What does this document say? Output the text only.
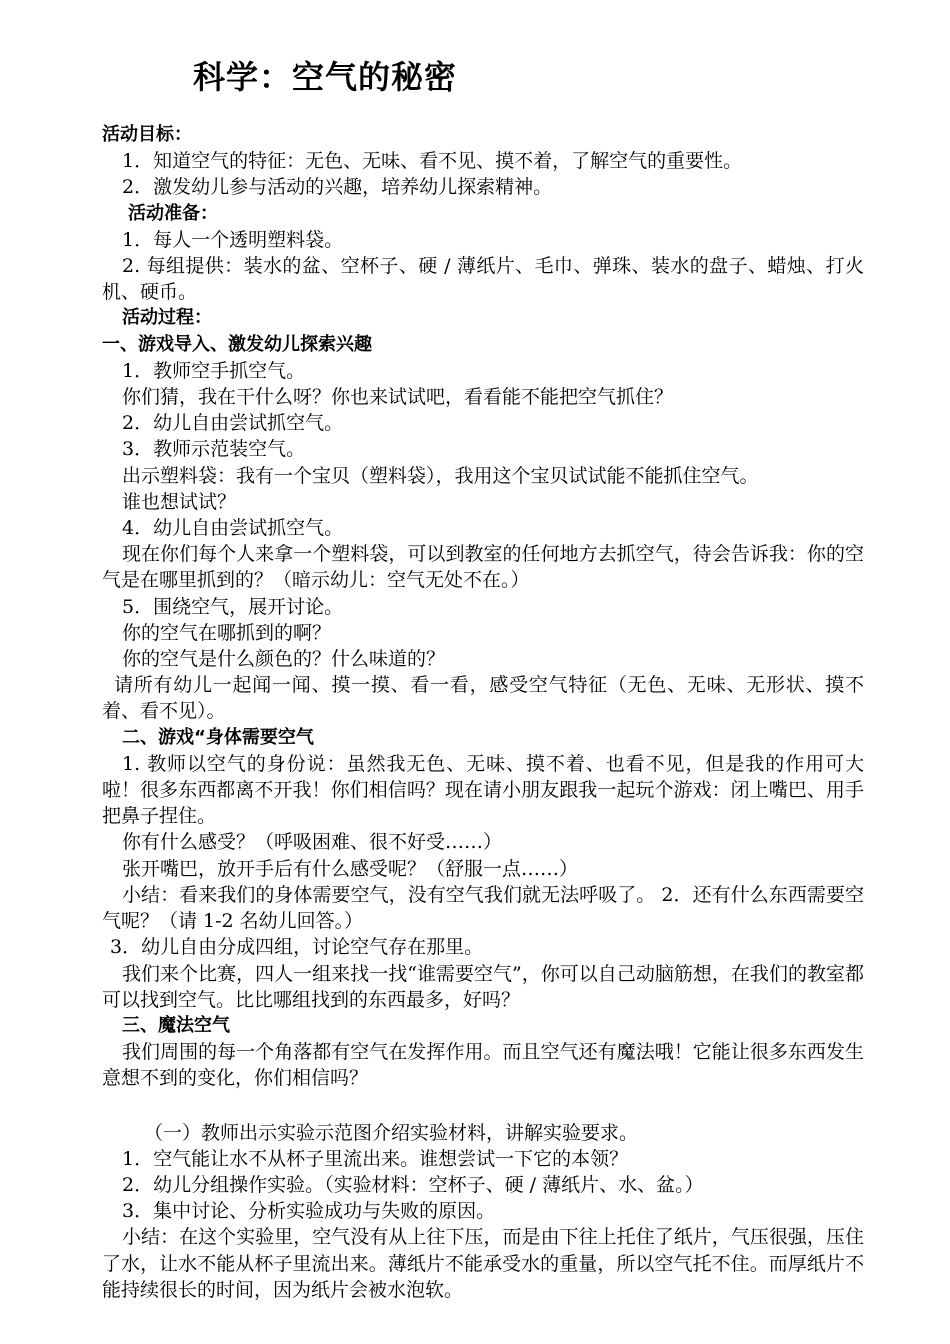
科学：空气的秘密

活动目标：

1．知道空气的特征：无色、无味、看不见、摸不着，了解空气的重要性。

2．激发幼儿参与活动的兴趣，培养幼儿探索精神。

活动准备：

1．每人一个透明塑料袋。

2. 每组提供：装水的盆、空杯子、硬 / 薄纸片、毛巾、弹珠、装水的盘子、蜡烛、打火机、硬币。

活动过程：

一、游戏导入、激发幼儿探索兴趣

1．教师空手抓空气。

你们猜，我在干什么呀？你也来试试吧，看看能不能把空气抓住？

2．幼儿自由尝试抓空气。

3．教师示范装空气。

出示塑料袋：我有一个宝贝（塑料袋），我用这个宝贝试试能不能抓住空气。

谁也想试试？

4．幼儿自由尝试抓空气。

现在你们每个人来拿一个塑料袋，可以到教室的任何地方去抓空气，待会告诉我：你的空气是在哪里抓到的？（暗示幼儿：空气无处不在。）

5．围绕空气，展开讨论。

你的空气在哪抓到的啊？

你的空气是什么颜色的？什么味道的？

请所有幼儿一起闻一闻、摸一摸、看一看，感受空气特征（无色、无味、无形状、摸不着、看不见）。

二、游戏“身体需要空气

1. 教师以空气的身份说：虽然我无色、无味、摸不着、也看不见，但是我的作用可大啦！很多东西都离不开我！你们相信吗？现在请小朋友跟我一起玩个游戏：闭上嘴巴、用手把鼻子捏住。

你有什么感受？（呼吸困难、很不好受……）

张开嘴巴，放开手后有什么感受呢？（舒服一点……）

小结：看来我们的身体需要空气，没有空气我们就无法呼吸了。 2．还有什么东西需要空气呢？（请 1-2 名幼儿回答。）

3．幼儿自由分成四组，讨论空气存在那里。

我们来个比赛，四人一组来找一找“谁需要空气”，你可以自己动脑筋想，在我们的教室都可以找到空气。比比哪组找到的东西最多，好吗？

三、魔法空气

我们周围的每一个角落都有空气在发挥作用。而且空气还有魔法哦！它能让很多东西发生意想不到的变化，你们相信吗？

（一）教师出示实验示范图介绍实验材料，讲解实验要求。

1．空气能让水不从杯子里流出来。谁想尝试一下它的本领？

2．幼儿分组操作实验。（实验材料：空杯子、硬 / 薄纸片、水、盆。）

3．集中讨论、分析实验成功与失败的原因。

小结：在这个实验里，空气没有从上往下压，而是由下往上托住了纸片，气压很强，压住了水，让水不能从杯子里流出来。薄纸片不能承受水的重量，所以空气托不住。而厚纸片不能持续很长的时间，因为纸片会被水泡软。
